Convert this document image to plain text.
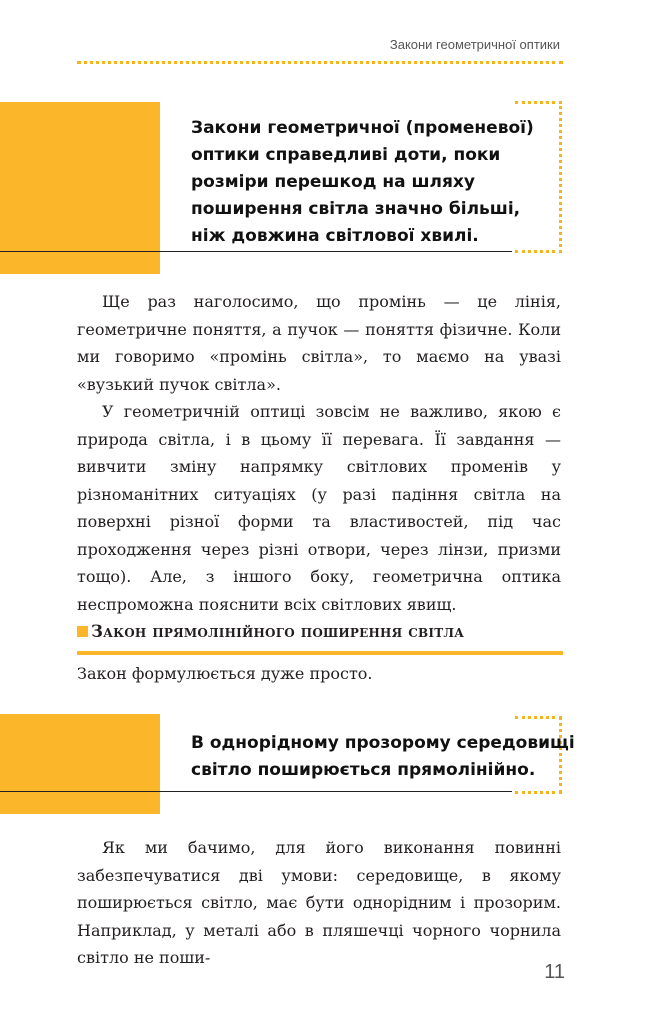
Закони геометричної оптики
Закони геометричної (променевої)
оптики справедливі доти, поки
розміри перешкод на шляху
поширення світла значно більші,
ніж довжина світлової хвилі.

Ще раз наголосимо, що промінь — це лінія, геометричне поняття, а пучок — поняття фізичне. Коли ми говоримо «промінь світла», то маємо на увазі «вузький пучок світла».

У геометричній оптиці зовсім не важливо, якою є природа світла, і в цьому її перевага. Її завдання — вивчити зміну напрямку світлових променів у різноманітних ситуаціях (у разі падіння світла на поверхні різної форми та властивостей, під час проходження через різні отвори, через лінзи, призми тощо). Але, з іншого боку, геометрична оптика неспроможна пояснити всіх світлових явищ.

Закон прямолінійного поширення світла

Закон формулюється дуже просто.

В однорідному прозорому середовищі
світло поширюється прямолінійно.

Як ми бачимо, для його виконання повинні забезпечуватися дві умови: середовище, в якому поширюється світло, має бути однорідним і прозорим. Наприклад, у металі або в пляшечці чорного чорнила світло не поши-

11
